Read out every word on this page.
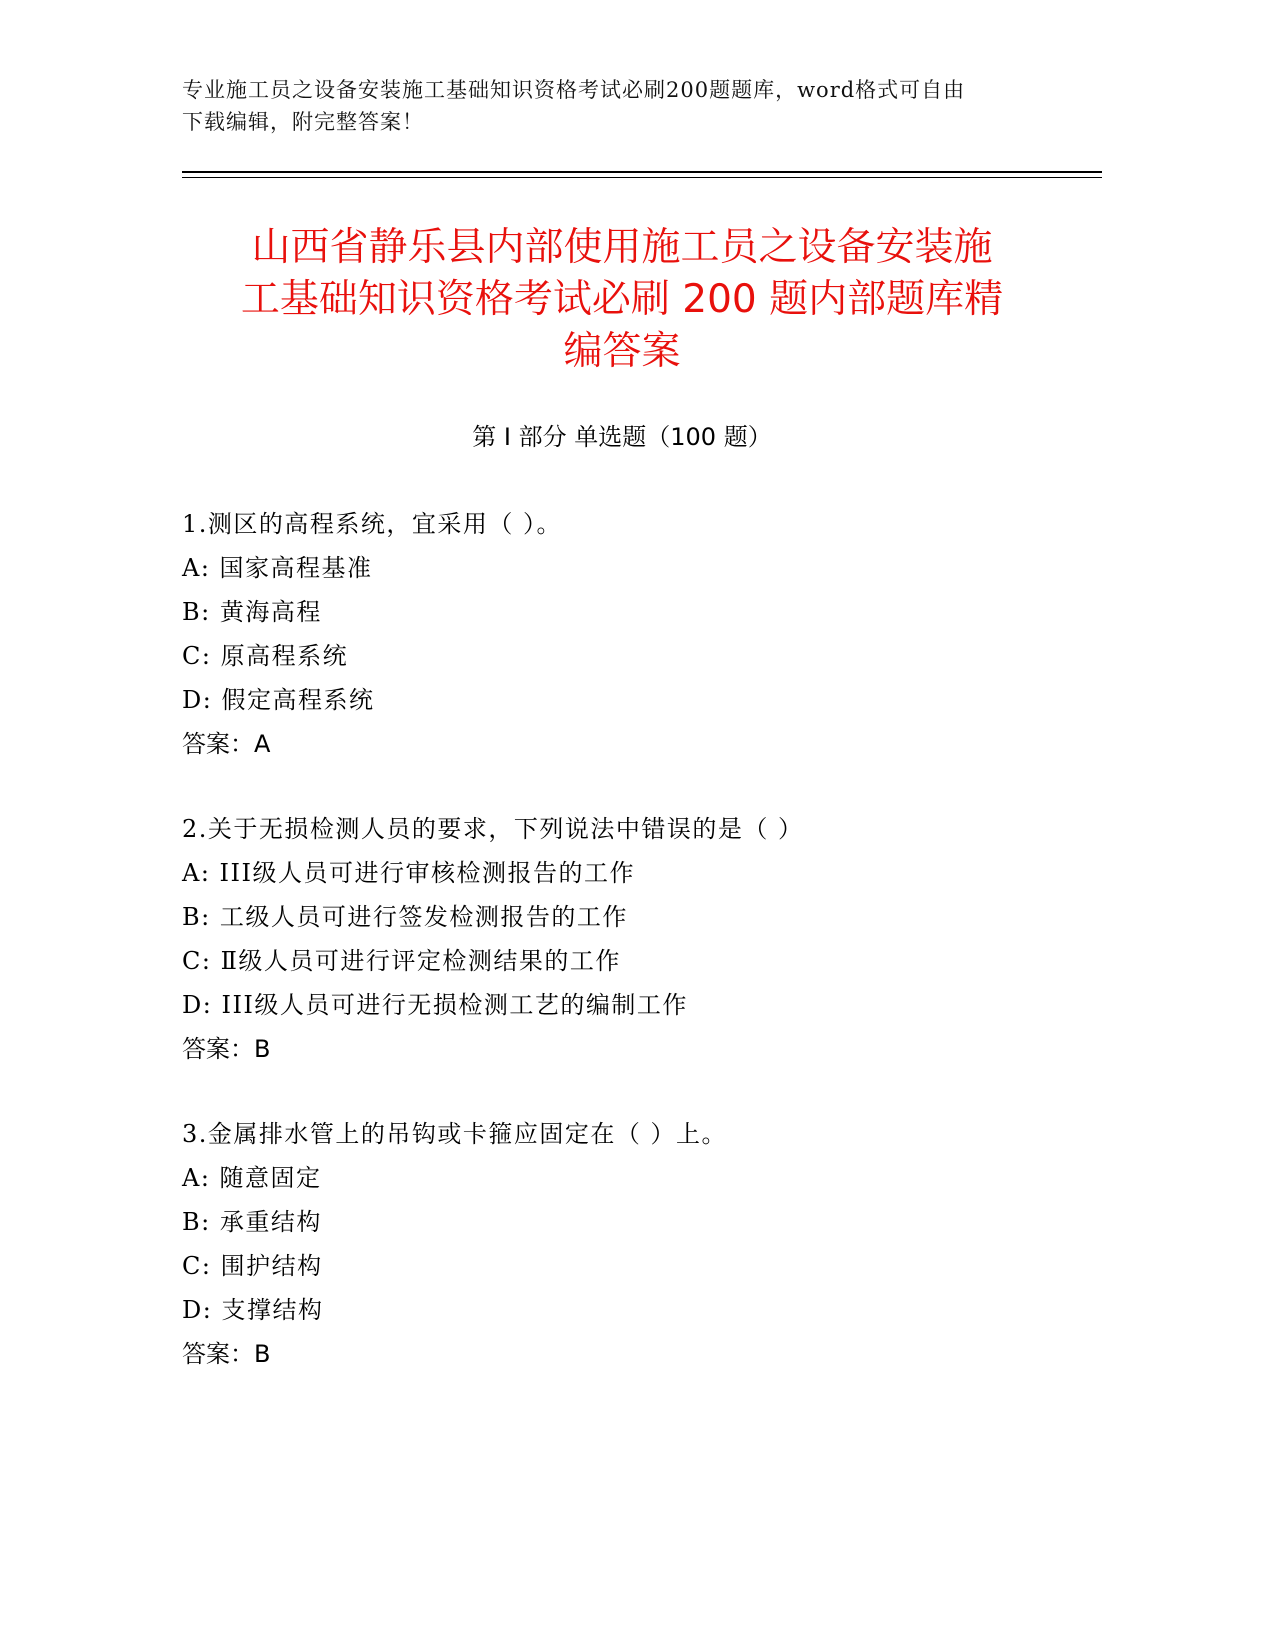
专业施工员之设备安装施工基础知识资格考试必刷200题题库，word格式可自由
下载编辑，附完整答案！
山西省静乐县内部使用施工员之设备安装施
工基础知识资格考试必刷 200 题内部题库精
编答案
第 I 部分 单选题（100 题）
1.测区的高程系统，宜采用（ ）。
A: 国家高程基准
B: 黄海高程
C: 原高程系统
D: 假定高程系统
答案：A
2.关于无损检测人员的要求，下列说法中错误的是（ ）
A: III级人员可进行审核检测报告的工作
B: 工级人员可进行签发检测报告的工作
C: Ⅱ级人员可进行评定检测结果的工作
D: III级人员可进行无损检测工艺的编制工作
答案：B
3.金属排水管上的吊钩或卡箍应固定在（ ）上。
A: 随意固定
B: 承重结构
C: 围护结构
D: 支撑结构
答案：B
